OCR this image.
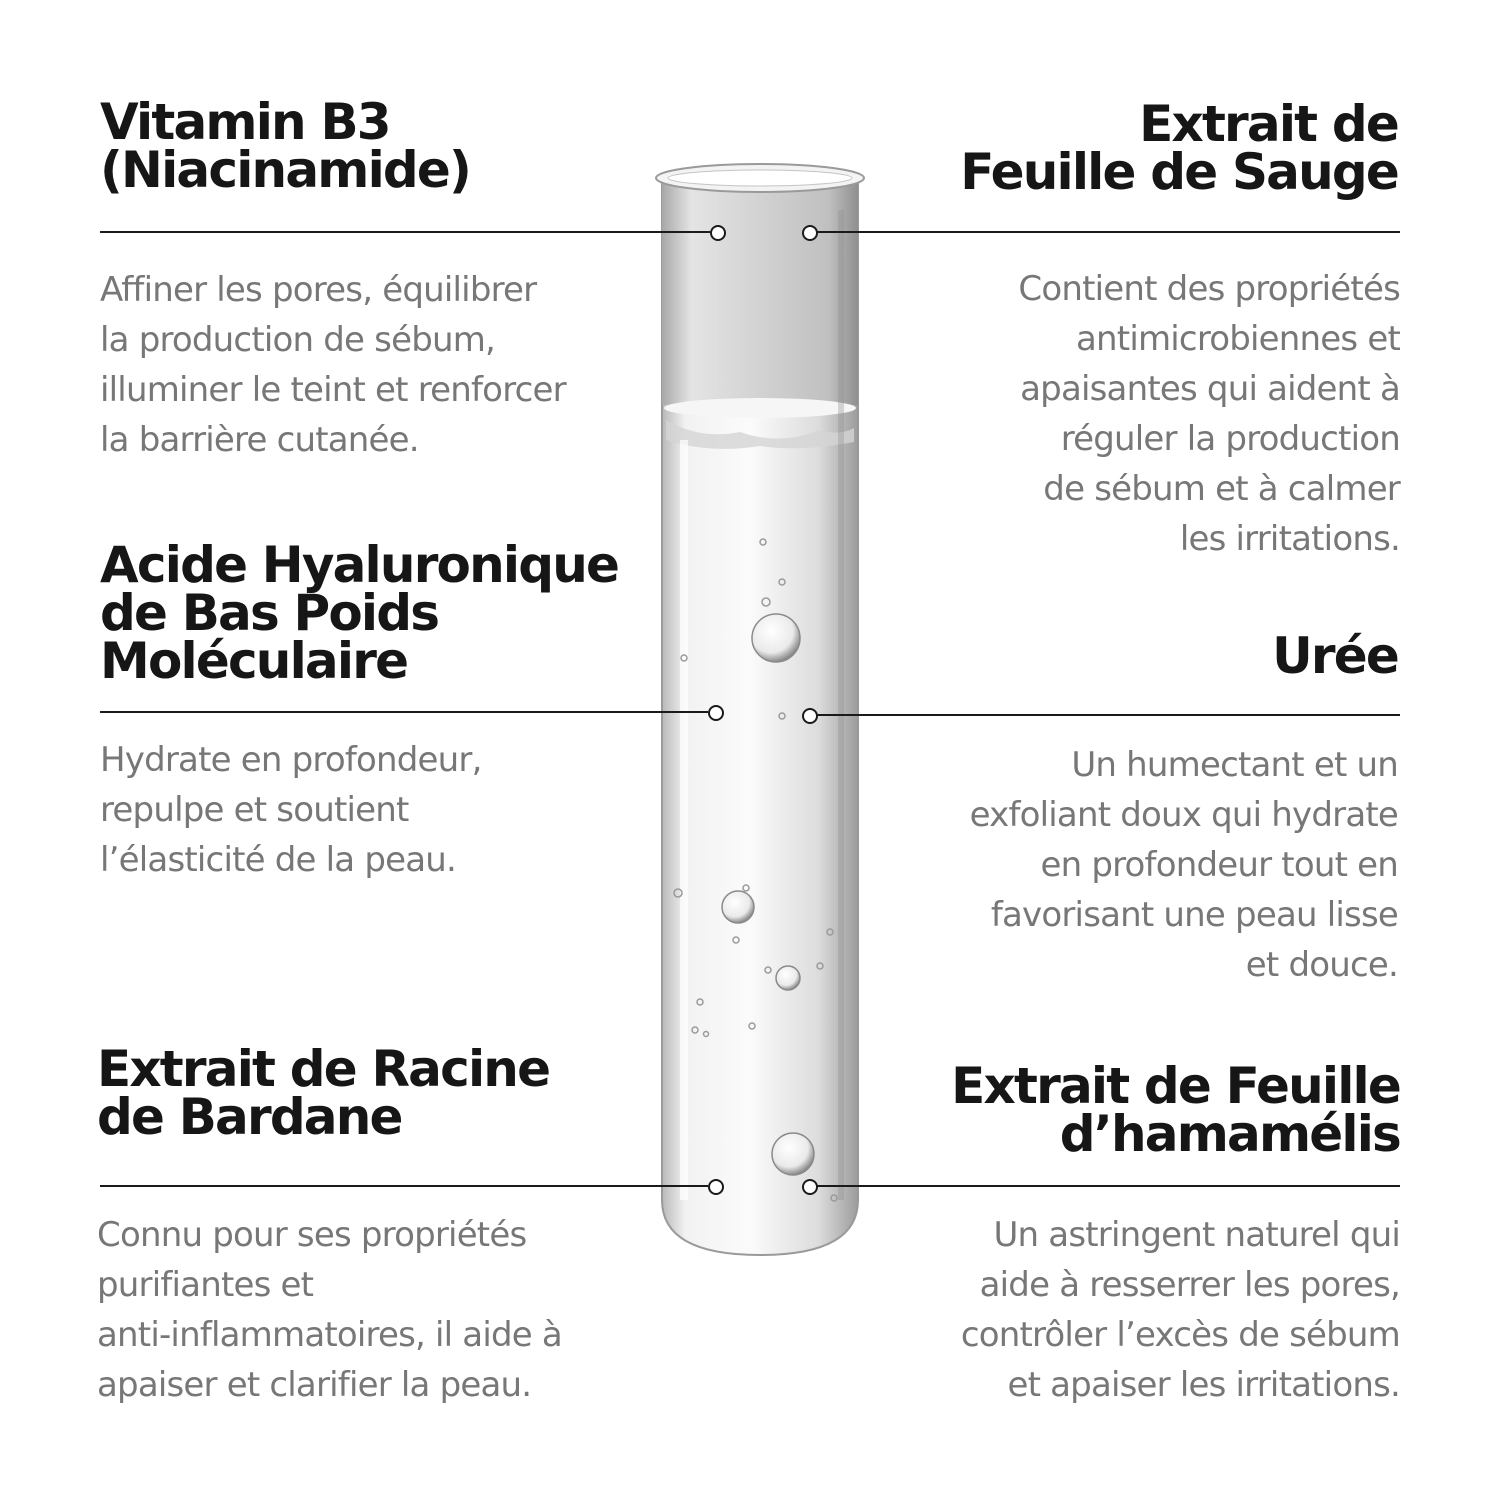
Vitamin B3
(Niacinamide)

Affiner les pores, équilibrer
la production de sébum,
illuminer le teint et renforcer
la barrière cutanée.

Acide Hyaluronique
de Bas Poids
Moléculaire

Hydrate en profondeur,
repulpe et soutient
l’élasticité de la peau.

Extrait de Racine
de Bardane

Connu pour ses propriétés
purifiantes et
anti-inflammatoires, il aide à
apaiser et clarifier la peau.

Extrait de
Feuille de Sauge

Contient des propriétés
antimicrobiennes et
apaisantes qui aident à
réguler la production
de sébum et à calmer
les irritations.

Urée

Un humectant et un
exfoliant doux qui hydrate
en profondeur tout en
favorisant une peau lisse
et douce.

Extrait de Feuille
d’hamamélis

Un astringent naturel qui
aide à resserrer les pores,
contrôler l’excès de sébum
et apaiser les irritations.
